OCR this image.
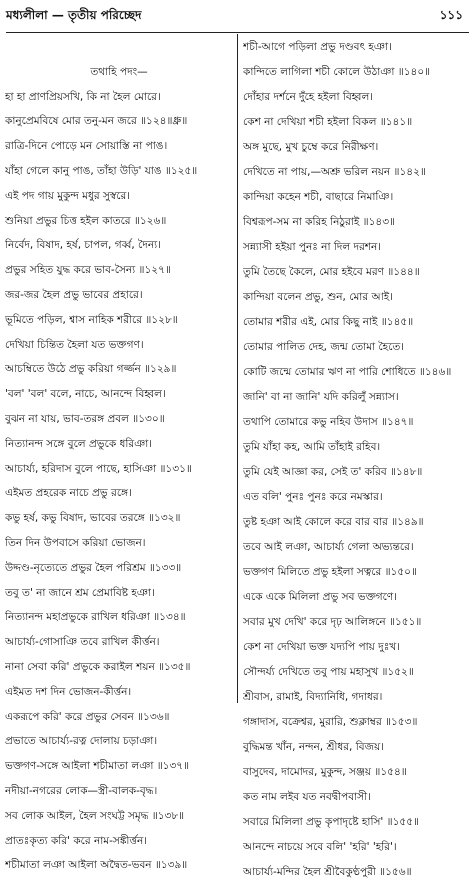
মধ্যলীলা — তৃতীয় পরিচ্ছেদ	১১১
তথাহি পদং—
হা হা প্রাণপ্রিয়সখি, কি না হৈল মোরে।
কানুপ্রেমবিষে মোর তনু-মন জরে ॥১২৪॥ধ্রু॥
রাত্রি-দিনে পোড়ে মন সোয়াস্তি না পাঙ।
যাঁহা গেলে কানু পাঙ, তাঁহা উড়ি' যাঙ ॥১২৫॥
এই পদ গায় মুকুন্দ মধুর সুস্বরে।
শুনিয়া প্রভুর চিত্ত হইল কাতরে ॥১২৬॥
নির্বেদ, বিষাদ, হর্ষ, চাপল, গর্ব্ব, দৈন্য।
প্রভুর সহিত যুদ্ধ করে ভাব-সৈন্য ॥১২৭॥
জর-জর হৈল প্রভু ভাবের প্রহারে।
ভূমিতে পড়িল, শ্বাস নাহিক শরীরে ॥১২৮॥
দেখিয়া চিন্তিত হৈলা যত ভক্তগণ।
আচম্বিতে উঠে প্রভু করিয়া গর্জ্জন ॥১২৯॥
'বল' 'বল' বলে, নাচে, আনন্দে বিহ্বল।
বুঝন না যায়, ভাব-তরঙ্গ প্রবল ॥১৩০॥
নিত্যানন্দ সঙ্গে বুলে প্রভুকে ধরিঞা।
আচার্য্য, হরিদাস বুলে পাছে, হাসিঞা ॥১৩১॥
এইমত প্রহরেক নাচে প্রভু রঙ্গে।
কভু হর্ষ, কভু বিষাদ, ভাবের তরঙ্গে ॥১৩২॥
তিন দিন উপবাসে করিয়া ভোজন।
উদ্দণ্ড-নৃত্যেতে প্রভুর হৈল পরিশ্রম ॥১৩৩॥
তবু ত' না জানে শ্রম প্রেমাবিষ্ট হঞা।
নিত্যানন্দ মহাপ্রভুকে রাখিল ধরিঞা ॥১৩৪॥
আচার্য্য-গোসাঞি তবে রাখিল কীর্ত্তন।
নানা সেবা করি' প্রভুকে করাইল শয়ন ॥১৩৫॥
এইমত দশ দিন ভোজন-কীর্ত্তন।
একরূপে করি' করে প্রভুর সেবন ॥১৩৬॥
প্রভাতে আচার্য্য-রত্ন দোলায় চড়াঞা।
ভক্তগণ-সঙ্গে আইলা শচীমাতা লঞা ॥১৩৭॥
নদীয়া-নগরের লোক—স্ত্রী-বালক-বৃদ্ধ।
সব লোক আইল, হৈল সংঘট্ট সমৃদ্ধ ॥১৩৮॥
প্রাতঃকৃত্য করি' করে নাম-সঙ্কীর্ত্তন।
শচীমাতা লঞা আইলা অদ্বৈত-ভবন ॥১৩৯॥
শচী-আগে পড়িলা প্রভু দণ্ডবৎ হঞা।
কান্দিতে লাগিলা শচী কোলে উঠাঞা ॥১৪০॥
দোঁহার দর্শনে দুঁহে হইলা বিহ্বল।
কেশ না দেখিয়া শচী হইলা বিকল ॥১৪১॥
অঙ্গ মুছে, মুখ চুম্বে করে নিরীক্ষণ।
দেখিতে না পায়,—অশ্রু ভরিল নয়ন ॥১৪২॥
কান্দিয়া কহেন শচী, বাছারে নিমাঞি।
বিশ্বরূপ-সম না করিহ নিঠুরাই ॥১৪৩॥
সন্ন্যাসী হইয়া পুনঃ না দিল দরশন।
তুমি তৈছে কৈলে, মোর হইবে মরণ ॥১৪৪॥
কান্দিয়া বলেন প্রভু, শুন, মোর আই।
তোমার শরীর এই, মোর কিছু নাই ॥১৪৫॥
তোমার পালিত দেহ, জন্ম তোমা হৈতে।
কোটি জন্মে তোমার ঋণ না পারি শোধিতে ॥১৪৬॥
জানি' বা না জানি' যদি করিলুঁ সন্ন্যাস।
তথাপি তোমারে কভু নহিব উদাস ॥১৪৭॥
তুমি যাঁহা কহ, আমি তাঁহাই রহিব।
তুমি যেই আজ্ঞা কর, সেই ত' করিব ॥১৪৮॥
এত বলি' পুনঃ পুনঃ করে নমস্কার।
তুষ্ট হঞা আই কোলে করে বার বার ॥১৪৯॥
তবে আই লঞা, আচার্য্য গেলা অভ্যন্তরে।
ভক্তগণ মিলিতে প্রভু হইলা সত্বরে ॥১৫০॥
একে একে মিলিলা প্রভু সব ভক্তগণে।
সবার মুখ দেখি' করে দৃঢ় আলিঙ্গনে ॥১৫১॥
কেশ না দেখিয়া ভক্ত যদ্যপি পায় দুঃখ।
সৌন্দর্য্য দেখিতে তবু পায় মহাসুখ ॥১৫২॥
শ্রীবাস, রামাই, বিদ্যানিধি, গদাধর।
গঙ্গাদাস, বক্রেশ্বর, মুরারি, শুক্লাম্বর ॥১৫৩॥
বুদ্ধিমন্ত খাঁন, নন্দন, শ্রীধর, বিজয়।
বাসুদেব, দামোদর, মুকুন্দ, সঞ্জয় ॥১৫৪॥
কত নাম লইব যত নবদ্বীপবাসী।
সবারে মিলিলা প্রভু কৃপাদৃষ্টে হাসি' ॥১৫৫॥
আনন্দে নাচয়ে সবে বলি' 'হরি' 'হরি'।
আচার্য্য-মন্দির হৈল শ্রীবৈকুণ্ঠপুরী ॥১৫৬॥
